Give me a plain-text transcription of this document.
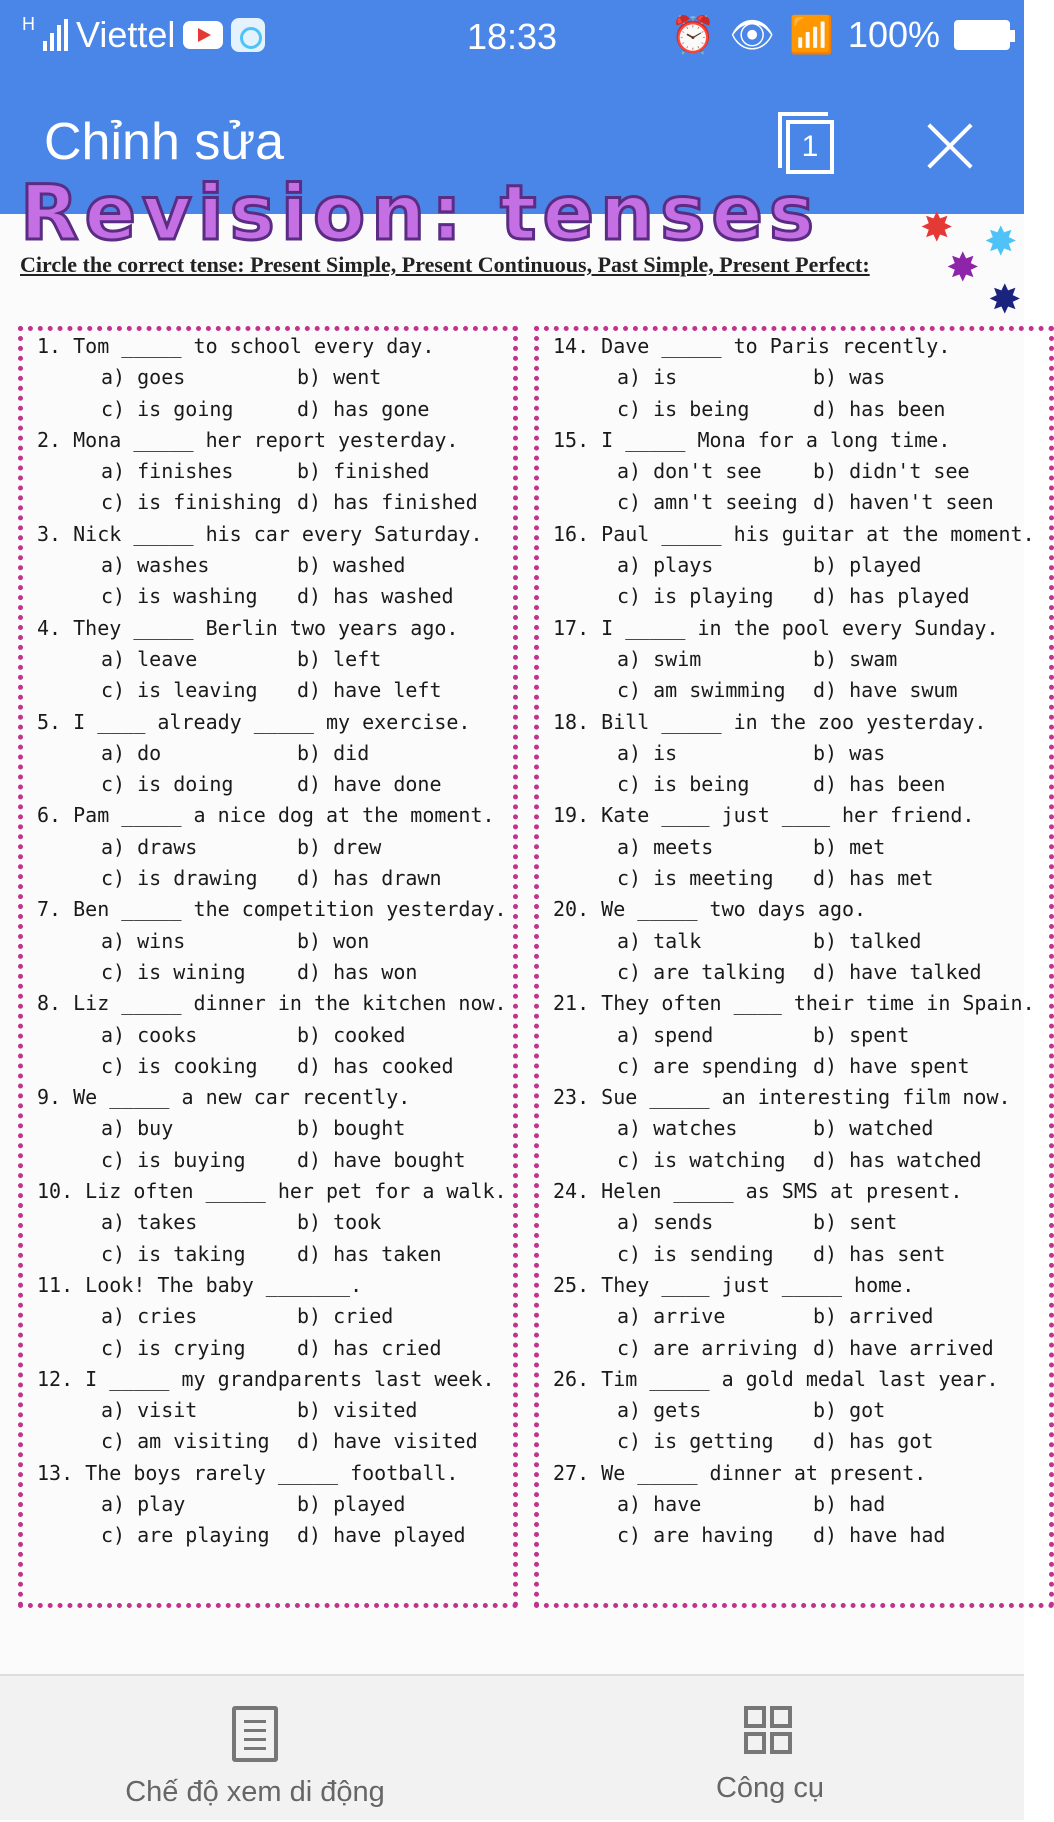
H Viettel	18:33	⏰ 👁 📶 100%
Chỉnh sửa	1
Revision: tenses ✸ ✸
✸
✸
Circle the correct tense: Present Simple, Present Continuous, Past Simple, Present Perfect:
1. Tom _____ to school every day.
a) goes	b) went
c) is going	d) has gone
2. Mona _____ her report yesterday.
a) finishes	b) finished
c) is finishing d) has finished
3. Nick _____ his car every Saturday.
a) washes	b) washed
c) is washing	d) has washed
4. They _____ Berlin two years ago.
a) leave	b) left
c) is leaving	d) have left
5. I ____ already _____ my exercise.
a) do	b) did
c) is doing	d) have done
6. Pam _____ a nice dog at the moment.
a) draws	b) drew
c) is drawing	d) has drawn
7. Ben _____ the competition yesterday.
a) wins	b) won
c) is wining	d) has won
8. Liz _____ dinner in the kitchen now.
a) cooks	b) cooked
c) is cooking	d) has cooked
9. We _____ a new car recently.
a) buy	b) bought
c) is buying	d) have bought
10. Liz often _____ her pet for a walk.
a) takes	b) took
c) is taking	d) has taken
11. Look! The baby _______.
a) cries	b) cried
c) is crying	d) has cried
12. I _____ my grandparents last week.
a) visit	b) visited
c) am visiting	d) have visited
13. The boys rarely _____ football.
a) play	b) played
c) are playing	d) have played
14. Dave _____ to Paris recently.
a) is	b) was
c) is being	d) has been
15. I _____ Mona for a long time.
a) don't see	b) didn't see
c) amn't seeing d) haven't seen
16. Paul _____ his guitar at the moment.
a) plays	b) played
c) is playing	d) has played
17. I _____ in the pool every Sunday.
a) swim	b) swam
c) am swimming	d) have swum
18. Bill _____ in the zoo yesterday.
a) is	b) was
c) is being	d) has been
19. Kate ____ just ____ her friend.
a) meets	b) met
c) is meeting	d) has met
20. We _____ two days ago.
a) talk	b) talked
c) are talking	d) have talked
21. They often ____ their time in Spain.
a) spend	b) spent
c) are spending d) have spent
23. Sue _____ an interesting film now.
a) watches	b) watched
c) is watching	d) has watched
24. Helen _____ as SMS at present.
a) sends	b) sent
c) is sending	d) has sent
25. They ____ just _____ home.
a) arrive	b) arrived
c) are arriving d) have arrived
26. Tim _____ a gold medal last year.
a) gets	b) got
c) is getting	d) has got
27. We _____ dinner at present.
a) have	b) had
c) are having	d) have had
Chế độ xem di động	Công cụ
